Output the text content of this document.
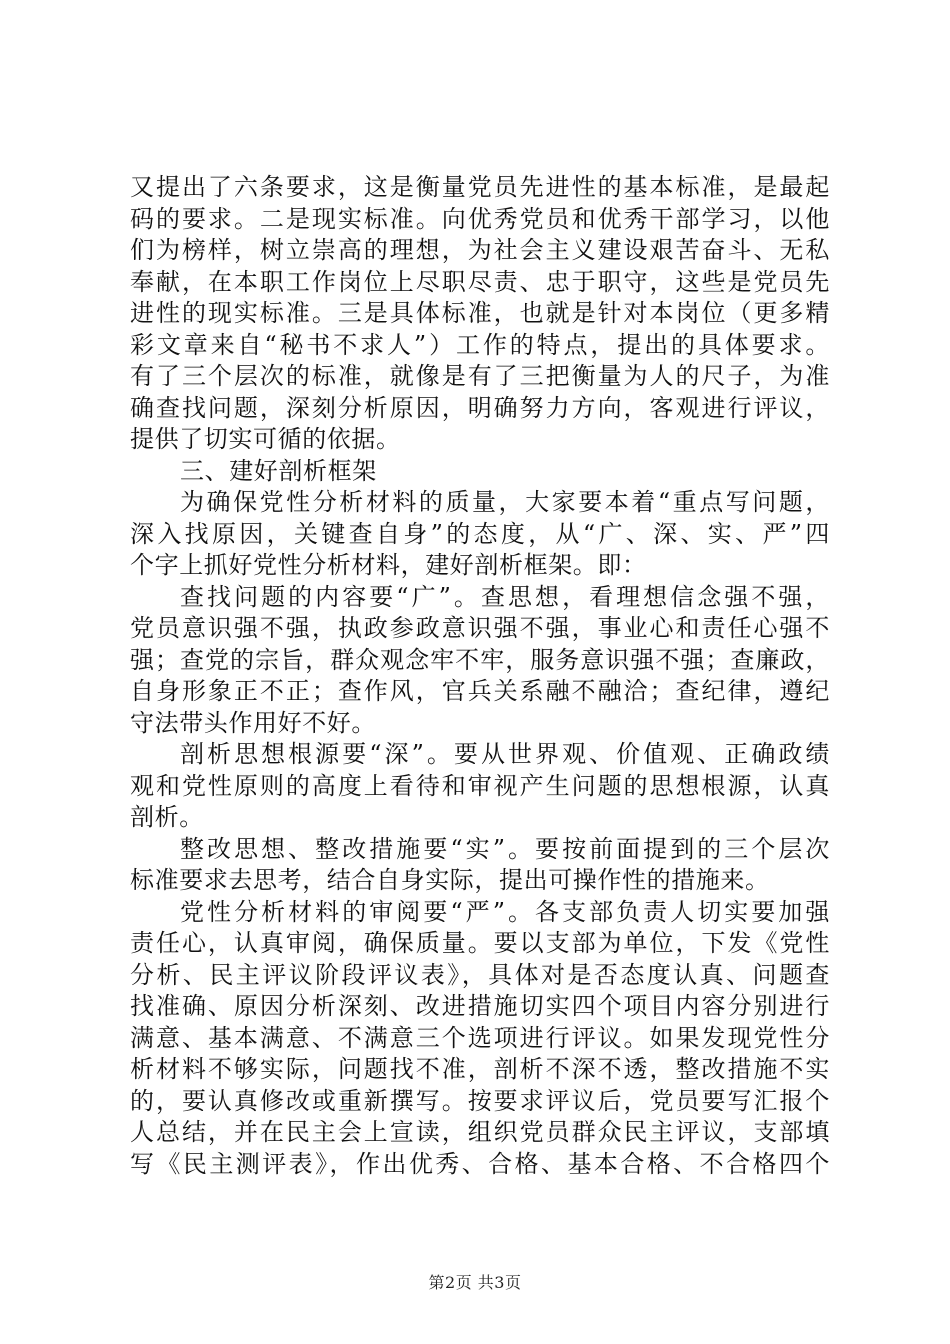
又提出了六条要求，这是衡量党员先进性的基本标准，是最起
码的要求。二是现实标准。向优秀党员和优秀干部学习，以他
们为榜样，树立崇高的理想，为社会主义建设艰苦奋斗、无私
奉献，在本职工作岗位上尽职尽责、忠于职守，这些是党员先
进性的现实标准。三是具体标准，也就是针对本岗位（更多精
彩文章来自“秘书不求人”）工作的特点，提出的具体要求。
有了三个层次的标准，就像是有了三把衡量为人的尺子，为准
确查找问题，深刻分析原因，明确努力方向，客观进行评议，
提供了切实可循的依据。
三、建好剖析框架
为确保党性分析材料的质量，大家要本着“重点写问题，
深入找原因，关键查自身”的态度，从“广、深、实、严”四
个字上抓好党性分析材料，建好剖析框架。即：
查找问题的内容要“广”。查思想，看理想信念强不强，
党员意识强不强，执政参政意识强不强，事业心和责任心强不
强；查党的宗旨，群众观念牢不牢，服务意识强不强；查廉政，
自身形象正不正；查作风，官兵关系融不融洽；查纪律，遵纪
守法带头作用好不好。
剖析思想根源要“深”。要从世界观、价值观、正确政绩
观和党性原则的高度上看待和审视产生问题的思想根源，认真
剖析。
整改思想、整改措施要“实”。要按前面提到的三个层次
标准要求去思考，结合自身实际，提出可操作性的措施来。
党性分析材料的审阅要“严”。各支部负责人切实要加强
责任心，认真审阅，确保质量。要以支部为单位，下发《党性
分析、民主评议阶段评议表》，具体对是否态度认真、问题查
找准确、原因分析深刻、改进措施切实四个项目内容分别进行
满意、基本满意、不满意三个选项进行评议。如果发现党性分
析材料不够实际，问题找不准，剖析不深不透，整改措施不实
的，要认真修改或重新撰写。按要求评议后，党员要写汇报个
人总结，并在民主会上宣读，组织党员群众民主评议，支部填
写《民主测评表》，作出优秀、合格、基本合格、不合格四个
第2页 共3页
